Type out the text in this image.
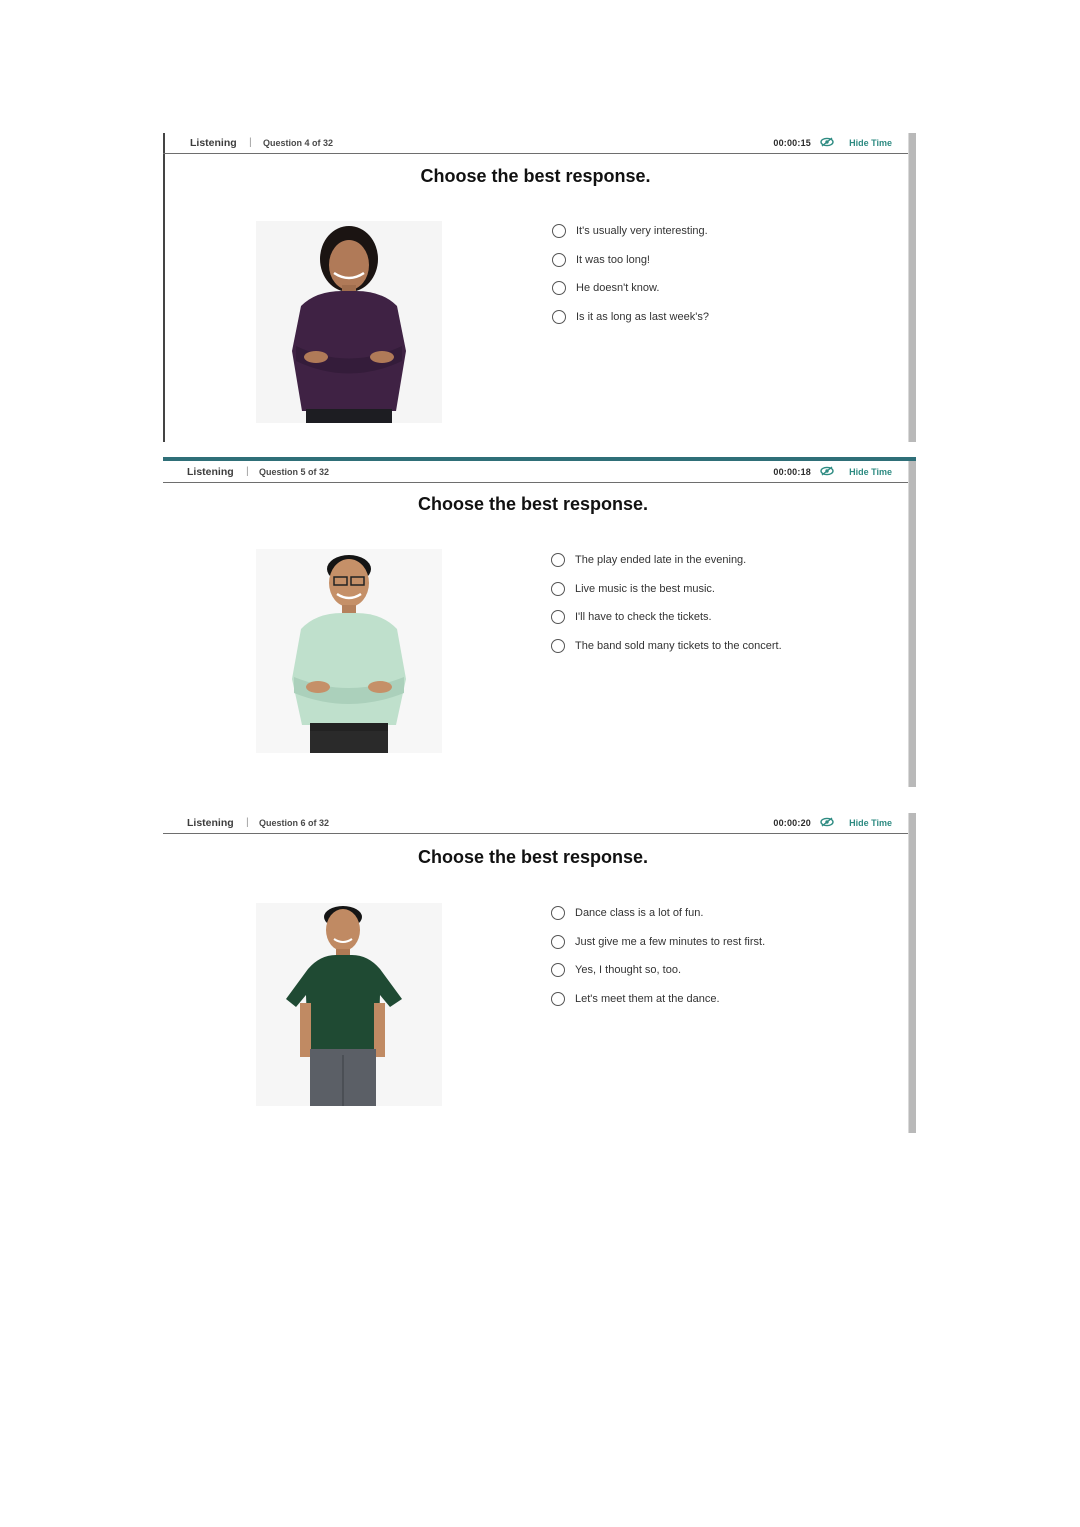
Listening | Question 4 of 32	00:00:15	Hide Time
Choose the best response.
It's usually very interesting.
It was too long!
He doesn't know.
Is it as long as last week's?
Listening | Question 5 of 32	00:00:18	Hide Time
Choose the best response.
The play ended late in the evening.
Live music is the best music.
I'll have to check the tickets.
The band sold many tickets to the concert.
Listening | Question 6 of 32	00:00:20	Hide Time
Choose the best response.
Dance class is a lot of fun.
Just give me a few minutes to rest first.
Yes, I thought so, too.
Let's meet them at the dance.
